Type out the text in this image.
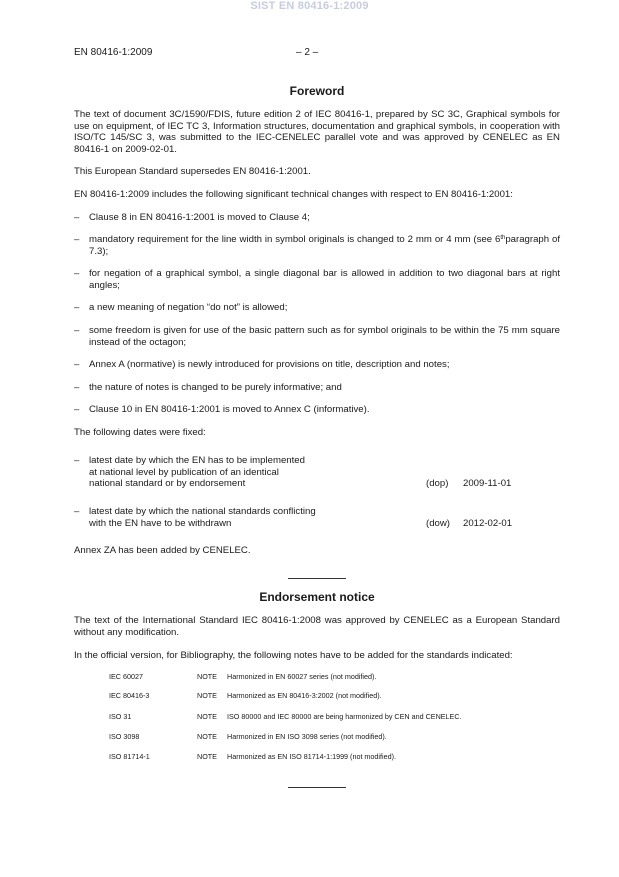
SIST EN 80416-1:2009
EN 80416-1:2009	– 2 –
Foreword
The text of document 3C/1590/FDIS, future edition 2 of IEC 80416-1, prepared by SC 3C, Graphical symbols for use on equipment, of IEC TC 3, Information structures, documentation and graphical symbols, in cooperation with ISO/TC 145/SC 3, was submitted to the IEC-CENELEC parallel vote and was approved by CENELEC as EN 80416-1 on 2009-02-01.
This European Standard supersedes EN 80416-1:2001.
EN 80416-1:2009 includes the following significant technical changes with respect to EN 80416-1:2001:
– Clause 8 in EN 80416-1:2001 is moved to Clause 4;
– mandatory requirement for the line width in symbol originals is changed to 2 mm or 4 mm (see 6thparagraph of 7.3);
– for negation of a graphical symbol, a single diagonal bar is allowed in addition to two diagonal bars at right angles;
– a new meaning of negation “do not” is allowed;
– some freedom is given for use of the basic pattern such as for symbol originals to be within the 75 mm square instead of the octagon;
– Annex A (normative) is newly introduced for provisions on title, description and notes;
– the nature of notes is changed to be purely informative; and
– Clause 10 in EN 80416-1:2001 is moved to Annex C (informative).
The following dates were fixed:
– latest date by which the EN has to be implemented
at national level by publication of an identical
national standard or by endorsement	(dop) 2009-11-01
– latest date by which the national standards conflicting
with the EN have to be withdrawn	(dow) 2012-02-01
Annex ZA has been added by CENELEC.
Endorsement notice
The text of the International Standard IEC 80416-1:2008 was approved by CENELEC as a European Standard without any modification.
In the official version, for Bibliography, the following notes have to be added for the standards indicated:
IEC 60027	NOTE Harmonized in EN 60027 series (not modified).
IEC 80416-3	NOTE Harmonized as EN 80416-3:2002 (not modified).
ISO 31	NOTE ISO 80000 and IEC 80000 are being harmonized by CEN and CENELEC.
ISO 3098	NOTE Harmonized in EN ISO 3098 series (not modified).
ISO 81714-1	NOTE Harmonized as EN ISO 81714-1:1999 (not modified).
